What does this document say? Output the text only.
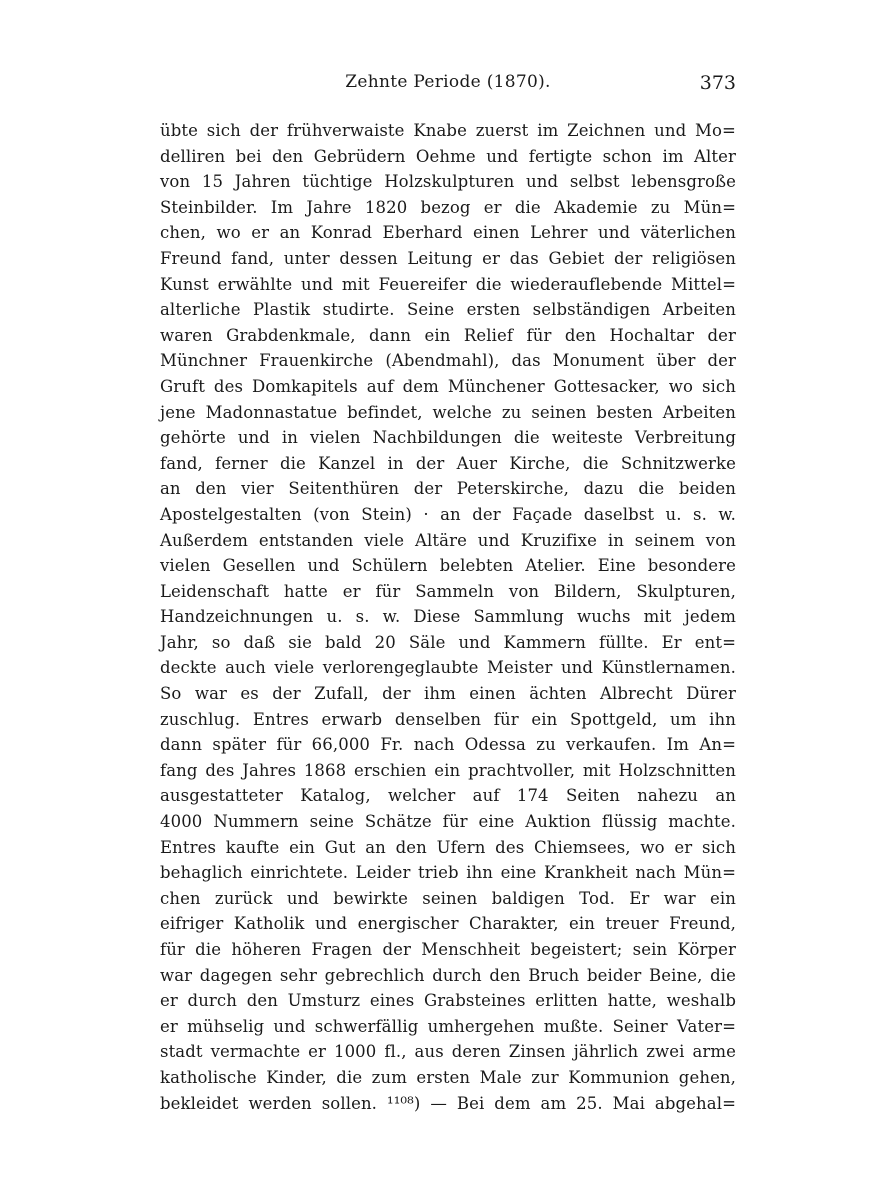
Zehnte Periode (1870).	373
übte sich der frühverwaiste Knabe zuerst im Zeichnen und Mo=
delliren bei den Gebrüdern Oehme und fertigte schon im Alter
von 15 Jahren tüchtige Holzskulpturen und selbst lebensgroße
Steinbilder. Im Jahre 1820 bezog er die Akademie zu Mün=
chen, wo er an Konrad Eberhard einen Lehrer und väterlichen
Freund fand, unter dessen Leitung er das Gebiet der religiösen
Kunst erwählte und mit Feuereifer die wiederauflebende Mittel=
alterliche Plastik studirte. Seine ersten selbständigen Arbeiten
waren Grabdenkmale, dann ein Relief für den Hochaltar der
Münchner Frauenkirche (Abendmahl), das Monument über der
Gruft des Domkapitels auf dem Münchener Gottesacker, wo sich
jene Madonnastatue befindet, welche zu seinen besten Arbeiten
gehörte und in vielen Nachbildungen die weiteste Verbreitung
fand, ferner die Kanzel in der Auer Kirche, die Schnitzwerke
an den vier Seitenthüren der Peterskirche, dazu die beiden
Apostelgestalten (von Stein) · an der Façade daselbst u. s. w.
Außerdem entstanden viele Altäre und Kruzifixe in seinem von
vielen Gesellen und Schülern belebten Atelier. Eine besondere
Leidenschaft hatte er für Sammeln von Bildern, Skulpturen,
Handzeichnungen u. s. w. Diese Sammlung wuchs mit jedem
Jahr, so daß sie bald 20 Säle und Kammern füllte. Er ent=
deckte auch viele verlorengeglaubte Meister und Künstlernamen.
So war es der Zufall, der ihm einen ächten Albrecht Dürer
zuschlug. Entres erwarb denselben für ein Spottgeld, um ihn
dann später für 66,000 Fr. nach Odessa zu verkaufen. Im An=
fang des Jahres 1868 erschien ein prachtvoller, mit Holzschnitten
ausgestatteter Katalog, welcher auf 174 Seiten nahezu an
4000 Nummern seine Schätze für eine Auktion flüssig machte.
Entres kaufte ein Gut an den Ufern des Chiemsees, wo er sich
behaglich einrichtete. Leider trieb ihn eine Krankheit nach Mün=
chen zurück und bewirkte seinen baldigen Tod. Er war ein
eifriger Katholik und energischer Charakter, ein treuer Freund,
für die höheren Fragen der Menschheit begeistert; sein Körper
war dagegen sehr gebrechlich durch den Bruch beider Beine, die
er durch den Umsturz eines Grabsteines erlitten hatte, weshalb
er mühselig und schwerfällig umhergehen mußte. Seiner Vater=
stadt vermachte er 1000 fl., aus deren Zinsen jährlich zwei arme
katholische Kinder, die zum ersten Male zur Kommunion gehen,
bekleidet werden sollen. ¹¹⁰⁸) — Bei dem am 25. Mai abgehal=
